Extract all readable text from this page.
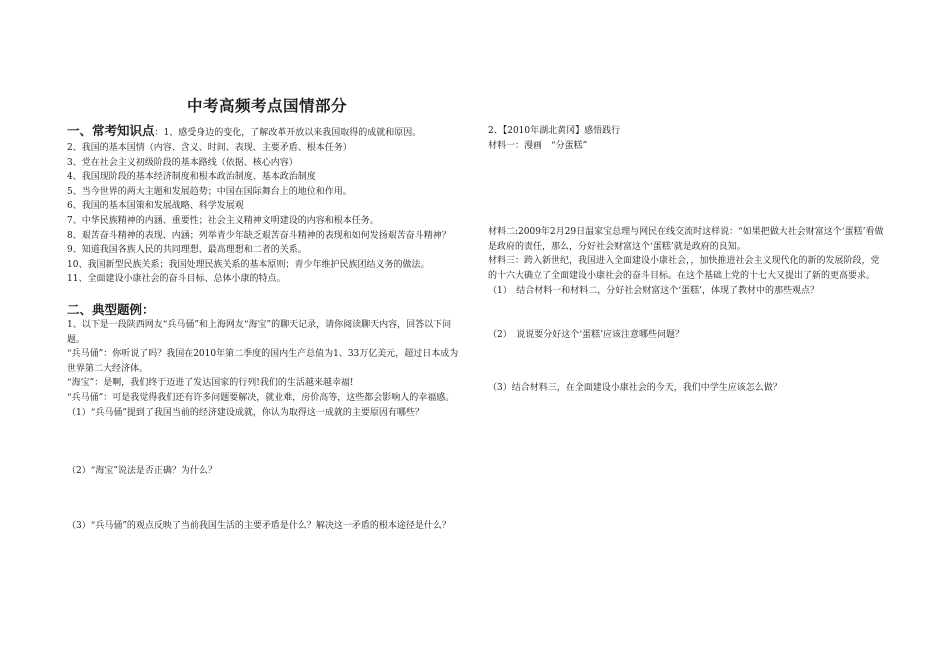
中考高频考点国情部分
一、常考知识点：1、感受身边的变化，了解改革开放以来我国取得的成就和原因。

2、我国的基本国情（内容、含义、时间、表现、主要矛盾、根本任务）

3、党在社会主义初级阶段的基本路线（依据、核心内容）

4、我国现阶段的基本经济制度和根本政治制度、基本政治制度

5、当今世界的两大主题和发展趋势；中国在国际舞台上的地位和作用。

6、我国的基本国策和发展战略、科学发展观

7、中华民族精神的内涵、重要性；社会主义精神文明建设的内容和根本任务。

8、艰苦奋斗精神的表现、内涵；列举青少年缺乏艰苦奋斗精神的表现和如何发扬艰苦奋斗精神？

9、知道我国各族人民的共同理想、最高理想和二者的关系。

10、我国新型民族关系；我国处理民族关系的基本原则；青少年维护民族团结义务的做法。

11、全面建设小康社会的奋斗目标、总体小康的特点。

二、典型题例：

1、以下是一段陕西网友“兵马俑”和上海网友“海宝”的聊天记录，请你阅读聊天内容，回答以下问题。

“兵马俑”：你听说了吗？我国在2010年第二季度的国内生产总值为1、33万亿美元，超过日本成为世界第二大经济体。

“海宝”：是啊，我们终于迈进了发达国家的行列!我们的生活越来越幸福!

“兵马俑”：可是我觉得我们还有许多问题要解决，就业难，房价高等，这些都会影响人的幸福感。

（1）“兵马俑”提到了我国当前的经济建设成就，你认为取得这一成就的主要原因有哪些？

（2）“海宝”说法是否正确？为什么？

（3）“兵马俑”的观点反映了当前我国生活的主要矛盾是什么？解决这一矛盾的根本途径是什么？

2、【2010年湖北黄冈】感悟践行

材料一：漫画　“分蛋糕”

材料二:2009年2月29日温家宝总理与网民在线交流时这样说：“如果把做大社会财富这个‘蛋糕’看做是政府的责任，那么，分好社会财富这个‘蛋糕’就是政府的良知。

材料三：跨入新世纪，我国进入全面建设小康社会，，加快推进社会主义现代化的新的发展阶段，党的十六大确立了全面建设小康社会的奋斗目标。在这个基础上党的十七大又提出了新的更高要求。

（1）　结合材料一和材料二，分好社会财富这个‘蛋糕’，体现了教材中的那些观点？

（2）　说说要分好这个‘蛋糕’应该注意哪些问题？

（3）结合材料三，在全面建设小康社会的今天，我们中学生应该怎么做？
